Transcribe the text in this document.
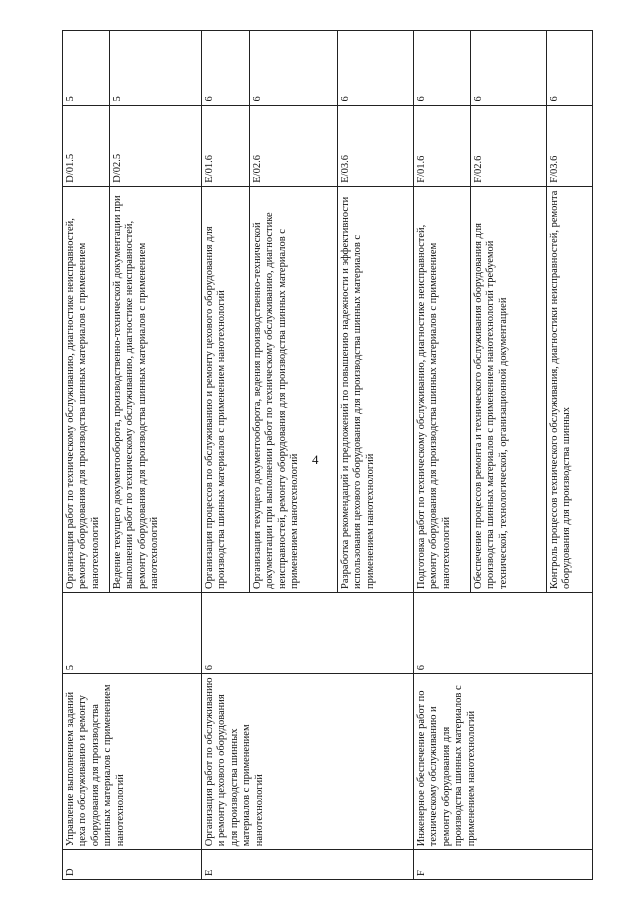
4
D	Управление выполнением заданий цеха по обслуживанию и ремонту оборудования для производства шинных материалов с применением нанотехнологий	5	Организация работ по техническому обслуживанию, диагностике неисправностей, ремонту оборудования для производства шинных материалов с применением нанотехнологий	D/01.5	5
			Ведение текущего документооборота, производственно-технической документации при выполнении работ по техническому обслуживанию, диагностике неисправностей, ремонту оборудования для производства шинных материалов с применением нанотехнологий	D/02.5	5
E	Организация работ по обслуживанию и ремонту цехового оборудования для производства шинных материалов с применением нанотехнологий	6	Организация процессов по обслуживанию и ремонту цехового оборудования для производства шинных материалов с применением нанотехнологий	E/01.6	6
			Организация текущего документооборота, ведения производственно-технической документации при выполнении работ по техническому обслуживанию, диагностике неисправностей, ремонту оборудования для производства шинных материалов с применением нанотехнологий	E/02.6	6
			Разработка рекомендаций и предложений по повышению надежности и эффективности использования цехового оборудования для производства шинных материалов с применением нанотехнологий	E/03.6	6
F	Инженерное обеспечение работ по техническому обслуживанию и ремонту оборудования для производства шинных материалов с применением нанотехнологий	6	Подготовка работ по техническому обслуживанию, диагностике неисправностей, ремонту оборудования для производства шинных материалов с применением нанотехнологий	F/01.6	6
			Обеспечение процессов ремонта и технического обслуживания оборудования для производства шинных материалов с применением нанотехнологий требуемой технической, технологической, организационной документацией	F/02.6	6
			Контроль процессов технического обслуживания, диагностики неисправностей, ремонта оборудования для производства шинных	F/03.6	6
